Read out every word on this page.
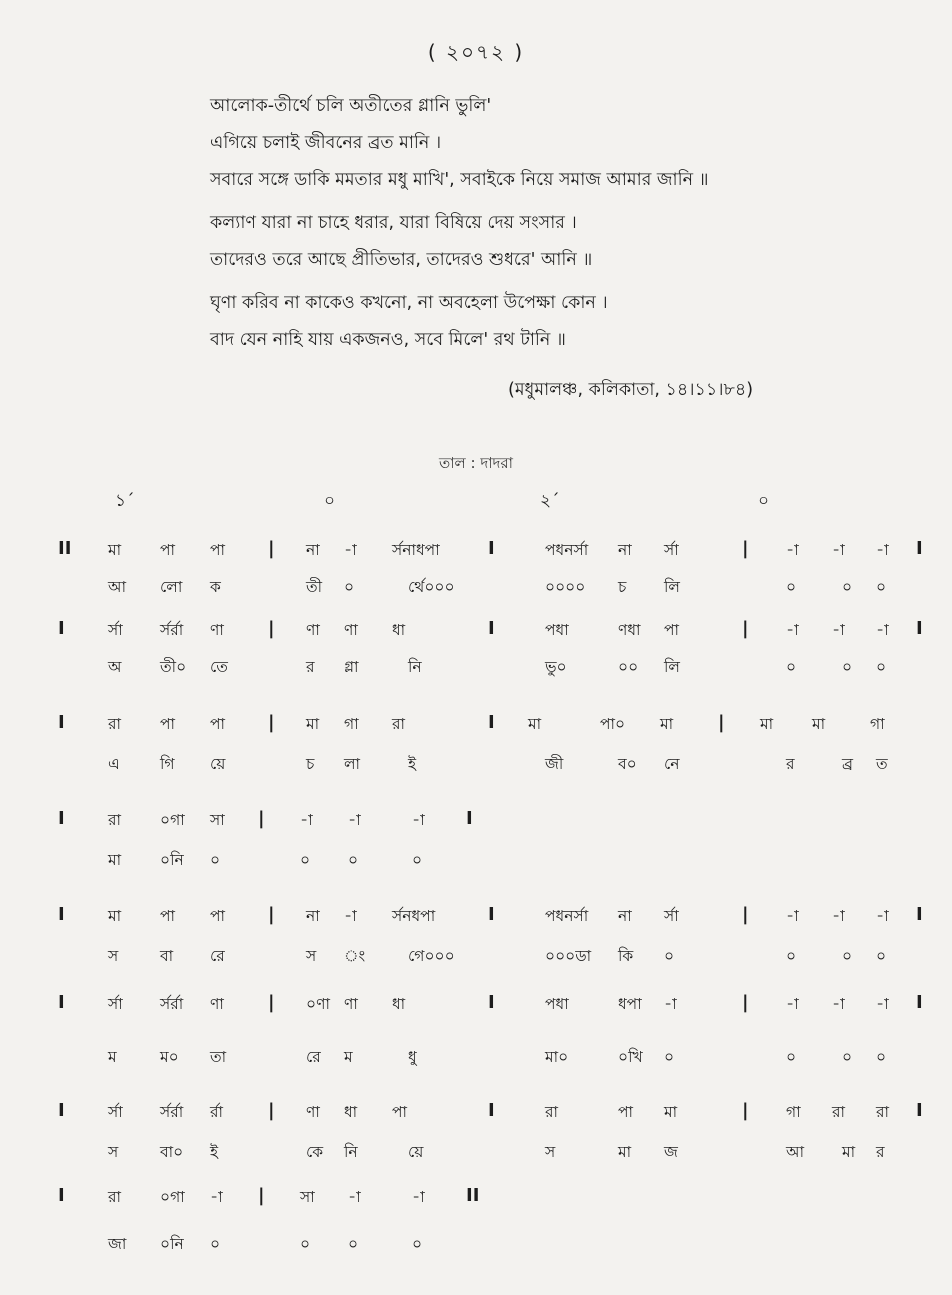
( ২০৭২ )
আলোক-তীর্থে চলি অতীতের গ্লানি ভুলি'
এগিয়ে চলাই জীবনের ব্রত মানি ।
সবারে সঙ্গে ডাকি মমতার মধু মাখি', সবাইকে নিয়ে সমাজ আমার জানি ॥
কল্যাণ যারা না চাহে ধরার, যারা বিষিয়ে দেয় সংসার ।
তাদেরও তরে আছে প্রীতিভার, তাদেরও শুধরে' আনি ॥
ঘৃণা করিব না কাকেও কখনো, না অবহেলা উপেক্ষা কোন ।
বাদ যেন নাহি যায় একজনও, সবে মিলে' রথ টানি ॥
(মধুমালঞ্চ, কলিকাতা, ১৪।১১।৮৪)
তাল : দাদরা
১´	০	২´	০
II মা	পা পা | না -া র্সনাধপা	I	পধনর্সা না র্সা	| -া -া -া I
আ লো ক	তী ০	র্থে০০০	০০০০ চ লি	০	০ ০
I	র্সা র্সর্রা ণা | ণা ণা ধা	I	পধা	ণধা পা	| -া -া -া I
অ তী০ তে	র গ্লা	নি	ভু০	০০ লি	০	০ ০
I	রা	পা পা | মা গা রা	I মা	পা০ মা | মা	মা	গা
এ	গি য়ে	চ লা	ই	জী	ব০ নে	র	ব্র ত
I	রা	০গা সা | -া -া	-া I
মা	০নি ০	০ ০	০
I	মা	পা পা | না -া র্সনধপা	I	পধনর্সা না র্সা	| -া -া -া I
স	বা রে	স ং	গে০০০	০০০ডা কি ০	০	০ ০
I	র্সা র্সর্রা ণা | ০ণা ণা ধা	I	পধা	ধপা -া	| -া -া -া I
ম	ম০ তা	রে ম	ধু	মা০	০খি ০	০	০ ০
I	র্সা র্সর্রা র্রা | ণা ধা পা	I	রা	পা মা	| গা রা রা I
স	বা০ ই	কে নি	য়ে	স	মা জ	আ মা র
I	রা	০গা -া | সা -া	-া II
জা ০নি ০	০ ০	০
